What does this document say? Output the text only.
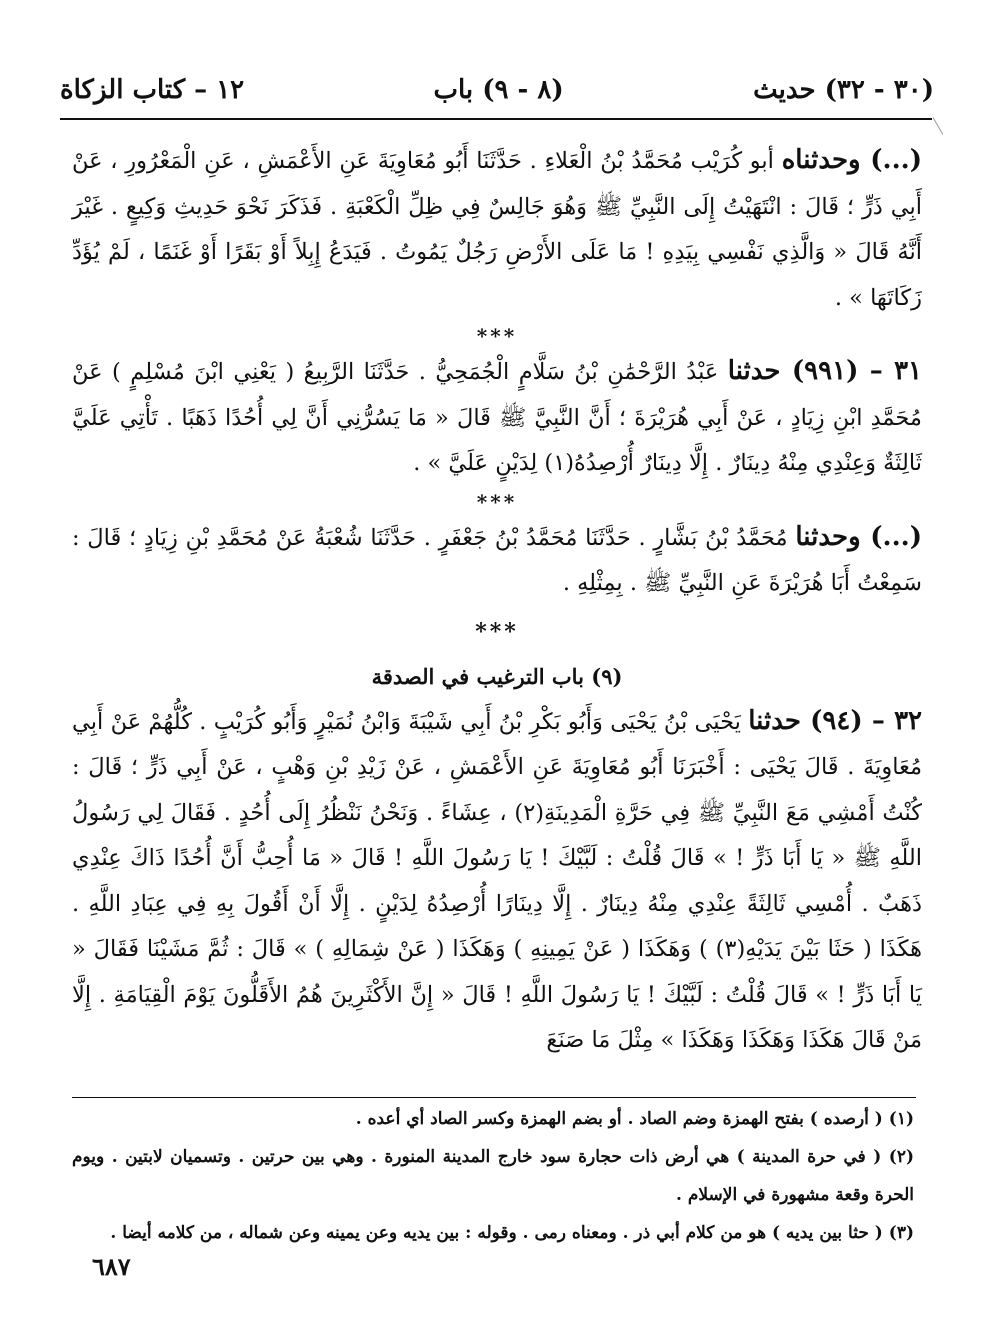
١٢ – كتاب الزكاة	(٨ - ٩) باب	(٣٠ - ٣٢) حديث

(...) وحدثناه أبو كُرَيْب مُحَمَّدُ بْنُ الْعَلاءِ . حَدَّثَنَا أَبُو مُعَاوِيَةَ عَنِ الأَعْمَشِ ، عَنِ الْمَعْرُورِ ، عَنْ أَبِي ذَرٍّ ؛ قَالَ : انْتَهَيْتُ إِلَى النَّبِيِّ ﷺ وَهُوَ جَالِسٌ فِي ظِلِّ الْكَعْبَةِ . فَذَكَرَ نَحْوَ حَدِيثِ وَكِيعٍ . غَيْرَ أَنَّهُ قَالَ « وَالَّذِي نَفْسِي بِيَدِهِ ! مَا عَلَى الأَرْضِ رَجُلٌ يَمُوتُ . فَيَدَعُ إِبِلاً أَوْ بَقَرًا أَوْ غَنَمًا ، لَمْ يُؤَدِّ زَكَاتَهَا » .

***

٣١ – (٩٩١) حدثنا عَبْدُ الرَّحْمَٰنِ بْنُ سَلَّامٍ الْجُمَحِيُّ . حَدَّثَنَا الرَّبِيعُ ( يَعْنِي ابْنَ مُسْلِمٍ ) عَنْ مُحَمَّدِ ابْنِ زِيَادٍ ، عَنْ أَبِي هُرَيْرَةَ ؛ أَنَّ النَّبِيَّ ﷺ قَالَ « مَا يَسُرُّنِي أَنَّ لِي أُحُدًا ذَهَبًا . تَأْتِي عَلَيَّ ثَالِثَةٌ وَعِنْدِي مِنْهُ دِينَارٌ . إِلَّا دِينَارٌ أُرْصِدُهُ(١) لِدَيْنٍ عَلَيَّ » .

***

(...) وحدثنا مُحَمَّدُ بْنُ بَشَّارٍ . حَدَّثَنَا مُحَمَّدُ بْنُ جَعْفَرٍ . حَدَّثَنَا شُعْبَةُ عَنْ مُحَمَّدِ بْنِ زِيَادٍ ؛ قَالَ : سَمِعْتُ أَبَا هُرَيْرَةَ عَنِ النَّبِيِّ ﷺ . بِمِثْلِهِ .

*‎*‎*
(٩) باب الترغيب في الصدقة

٣٢ – (٩٤) حدثنا يَحْيَى بْنُ يَحْيَى وَأَبُو بَكْرِ بْنُ أَبِي شَيْبَةَ وَابْنُ نُمَيْرٍ وَأَبُو كُرَيْبٍ . كُلُّهُمْ عَنْ أَبِي مُعَاوِيَةَ . قَالَ يَحْيَى : أَخْبَرَنَا أَبُو مُعَاوِيَةَ عَنِ الأَعْمَشِ ، عَنْ زَيْدِ بْنِ وَهْبٍ ، عَنْ أَبِي ذَرٍّ ؛ قَالَ : كُنْتُ أَمْشِي مَعَ النَّبِيِّ ﷺ فِي حَرَّةِ الْمَدِينَةِ(٢) ، عِشَاءً . وَنَحْنُ نَنْظُرُ إِلَى أُحُدٍ . فَقَالَ لِي رَسُولُ اللَّهِ ﷺ « يَا أَبَا ذَرٍّ ! » قَالَ قُلْتُ : لَبَّيْكَ ! يَا رَسُولَ اللَّهِ ! قَالَ « مَا أُحِبُّ أَنَّ أُحُدًا ذَاكَ عِنْدِي ذَهَبٌ . أُمْسِي ثَالِثَةً عِنْدِي مِنْهُ دِينَارٌ . إِلَّا دِينَارًا أُرْصِدُهُ لِدَيْنٍ . إِلَّا أَنْ أَقُولَ بِهِ فِي عِبَادِ اللَّهِ . هَكَذَا ( حَثَا بَيْنَ يَدَيْهِ(٣) ) وَهَكَذَا ( عَنْ يَمِينِهِ ) وَهَكَذَا ( عَنْ شِمَالِهِ ) » قَالَ : ثُمَّ مَشَيْنَا فَقَالَ « يَا أَبَا ذَرٍّ ! » قَالَ قُلْتُ : لَبَّيْكَ ! يَا رَسُولَ اللَّهِ ! قَالَ « إِنَّ الأَكْثَرِينَ هُمُ الأَقَلُّونَ يَوْمَ الْقِيَامَةِ . إِلَّا مَنْ قَالَ هَكَذَا وَهَكَذَا وَهَكَذَا » مِثْلَ مَا صَنَعَ

(١) ( أرصده ) بفتح الهمزة وضم الصاد . أو بضم الهمزة وكسر الصاد أي أعده .

(٢) ( في حرة المدينة ) هي أرض ذات حجارة سود خارج المدينة المنورة . وهي بين حرتين . وتسميان لابتين . ويوم الحرة وقعة مشهورة في الإسلام .

(٣) ( حثا بين يديه ) هو من كلام أبي ذر . ومعناه رمى . وقوله : بين يديه وعن يمينه وعن شماله ، من كلامه أيضا .

٦٨٧
